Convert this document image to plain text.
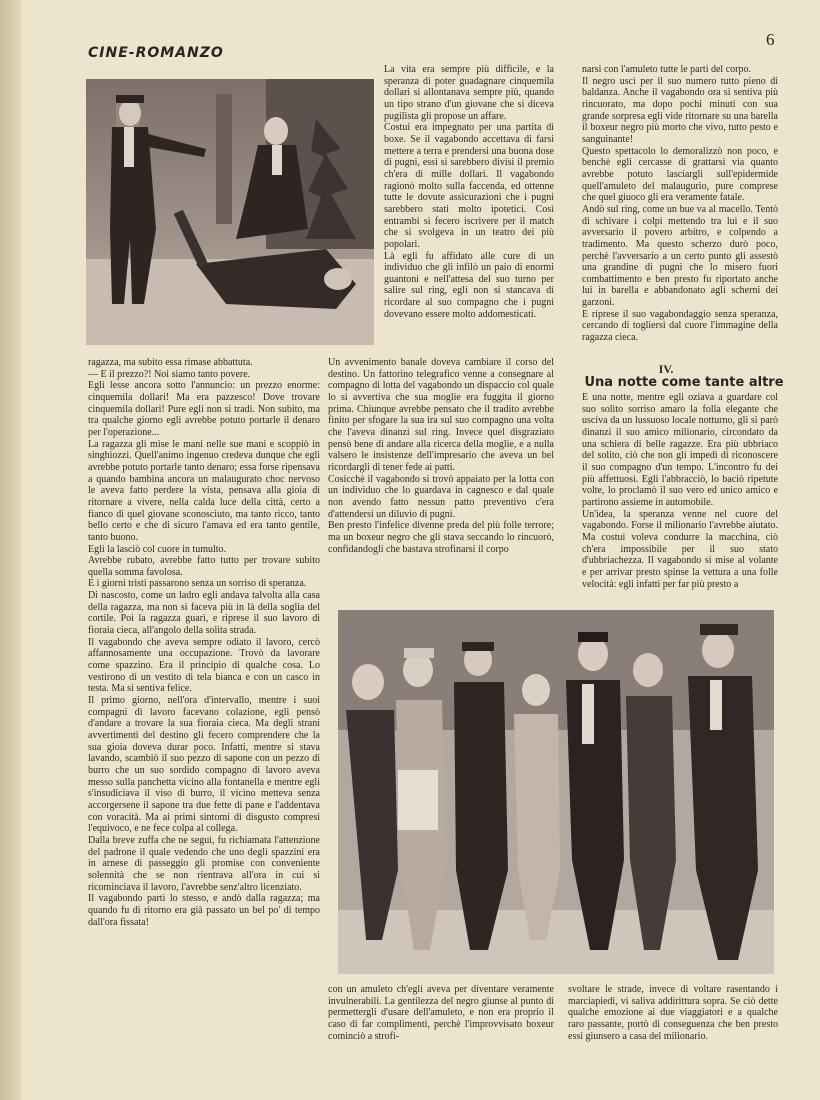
CINE-ROMANZO
6
La vita era sempre più difficile, e la speranza di poter guadagnare cinquemila dollari si allontanava sempre più, quando un tipo strano d'un giovane che si diceva pugilista gli propose un affare.
Costui era impegnato per una partita di boxe. Se il vagabondo accettava di farsi mettere a terra e prendersi una buona dose di pugni, essi si sarebbero divisi il premio ch'era di mille dollari. Il vagabondo ragionò molto sulla faccenda, ed ottenne tutte le dovute assicurazioni che i pugni sarebbero stati molto ipotetici. Così entrambi si fecero iscrivere per il match che si svolgeva in un teatro dei più popolari.
Là egli fu affidato alle cure di un individuo che gli infilò un paio di enormi guantoni e nell'attesa del suo turno per salire sul ring, egli non si stancava di ricordare al suo compagno che i pugni dovevano essere molto addomesticati.
narsi con l'amuleto tutte le parti del corpo.
Il negro uscì per il suo numero tutto pieno di baldanza. Anche il vagabondo ora si sentiva più rincuorato, ma dopo pochi minuti con sua grande sorpresa egli vide ritornare su una barella il boxeur negro più morto che vivo, tutto pesto e sanguinante!
Questo spettacolo lo demoralizzò non poco, e benchè egli cercasse di grattarsi via quanto avrebbe potuto lasciargli sull'epidermide quell'amuleto del malaugurio, pure comprese che quel giuoco gli era veramente fatale.
Andò sul ring, come un bue va al macello. Tentò di schivare i colpi mettendo tra lui e il suo avversario il povero arbitro, e colpendo a tradimento. Ma questo scherzo durò poco, perchè l'avversario a un certo punto gli assestò una grandine di pugni che lo misero fuori combattimento e ben presto fu riportato anche lui in barella e abbandonato agli scherni dei garzoni.
E riprese il suo vagabondaggio senza speranza, cercando di togliersi dal cuore l'immagine della ragazza cieca.
IV.
Una notte come tante altre
ragazza, ma subito essa rimase abbattuta.
— E il prezzo?! Noi siamo tanto povere.
Egli lesse ancora sotto l'annuncio: un prezzo enorme: cinquemila dollari! Ma era pazzesco! Dove trovare cinquemila dollari! Pure egli non si tradì. Non subito, ma tra qualche giorno egli avrebbe potuto portarle il denaro per l'operazione...
La ragazza gli mise le mani nelle sue mani e scoppiò in singhiozzi. Quell'animo ingenuo credeva dunque che egli avrebbe potuto portarle tanto denaro; essa forse ripensava a quando bambina ancora un malaugurato choc nervoso le aveva fatto perdere la vista, pensava alla gioia di ritornare a vivere, nella calda luce della città, certo a fianco di quel giovane sconosciuto, ma tanto ricco, tanto bello certo e che di sicuro l'amava ed era tanto gentile, tanto buono.
Egli la lasciò col cuore in tumulto.
Avrebbe rubato, avrebbe fatto tutto per trovare subito quella somma favolosa.
E i giorni tristi passarono senza un sorriso di speranza.
Di nascosto, come un ladro egli andava talvolta alla casa della ragazza, ma non si faceva più in là della soglia del cortile. Poi la ragazza guarì, e riprese il suo lavoro di fioraia cieca, all'angolo della solita strada.
Il vagabondo che aveva sempre odiato il lavoro, cercò affannosamente una occupazione. Trovò da lavorare come spazzino. Era il principio di qualche cosa. Lo vestirono di un vestito di tela bianca e con un casco in testa. Ma si sentiva felice.
Il primo giorno, nell'ora d'intervallo, mentre i suoi compagni di lavoro facevano colazione, egli pensò d'andare a trovare la sua fioraia cieca. Ma degli strani avvertimenti del destino gli fecero comprendere che la sua gioia doveva durar poco. Infatti, mentre si stava lavando, scambiò il suo pezzo di sapone con un pezzo di burro che un suo sordido compagno di lavoro aveva messo sulla panchetta vicino alla fontanella e mentre egli s'insudiciava il viso di burro, il vicino metteva senza accorgersene il sapone tra due fette di pane e l'addentava con voracità. Ma ai primi sintomi di disgusto compresi l'equivoco, e ne fece colpa al collega.
Dalla breve zuffa che ne seguì, fu richiamata l'attenzione del padrone il quale vedendo che uno degli spazzini era in arnese di passeggio gli promise con conveniente solennità che se non rientrava all'ora in cui si ricominciava il lavoro, l'avrebbe senz'altro licenziato.
Il vagabondo partì lo stesso, e andò dalla ragazza; ma quando fu di ritorno era già passato un bel po' di tempo dall'ora fissata!
Un avvenimento banale doveva cambiare il corso del destino. Un fattorino telegrafico venne a consegnare al compagno di lotta del vagabondo un dispaccio col quale lo si avvertiva che sua moglie era fuggita il giorno prima. Chiunque avrebbe pensato che il tradito avrebbe finito per sfogare la sua ira sul suo compagno una volta che l'aveva dinanzi sul ring. Invece quel disgraziato pensò bene di andare alla ricerca della moglie, e a nulla valsero le insistenze dell'impresario che aveva un bel ricordargli di tener fede ai patti.
Cosicchè il vagabondo si trovò appaiato per la lotta con un individuo che lo guardava in cagnesco e dal quale non avendo fatto nessun patto preventivo c'era d'attendersi un diluvio di pugni.
Ben presto l'infelice divenne preda del più folle terrore; ma un boxeur negro che gli stava seccando lo rincuorò, confidandogli che bastava strofinarsi il corpo
E una notte, mentre egli oziava a guardare col suo solito sorriso amaro la folla elegante che usciva da un lussuoso locale notturno, gli si parò dinanzi il suo amico milionario, circondato da una schiera di belle ragazze. Era più ubbriaco del solito, ciò che non gli impedì di riconoscere il suo compagno d'un tempo. L'incontro fu dei più affettuosi. Egli l'abbracciò, lo baciò ripetute volte, lo proclamò il suo vero ed unico amico e partirono assieme in automobile.
Un'idea, la speranza venne nel cuore del vagabondo. Forse il milionario l'avrebbe aiutato. Ma costui voleva condurre la macchina, ciò ch'era impossibile per il suo stato d'ubbriachezza. Il vagabondo si mise al volante e per arrivar presto spinse la vettura a una folle velocità: egli infatti per far più presto a
con un amuleto ch'egli aveva per diventare veramente invulnerabili. La gentilezza del negro giunse al punto di permettergli d'usare dell'amuleto, e non era proprio il caso di far complimenti, perchè l'improvvisato boxeur cominciò a strofi-
svoltare le strade, invece di voltare rasentando i marciapiedi, vi saliva addirittura sopra. Se ciò dette qualche emozione ai due viaggiatori e a qualche raro passante, portò di conseguenza che ben presto essi giunsero a casa del milionario.
